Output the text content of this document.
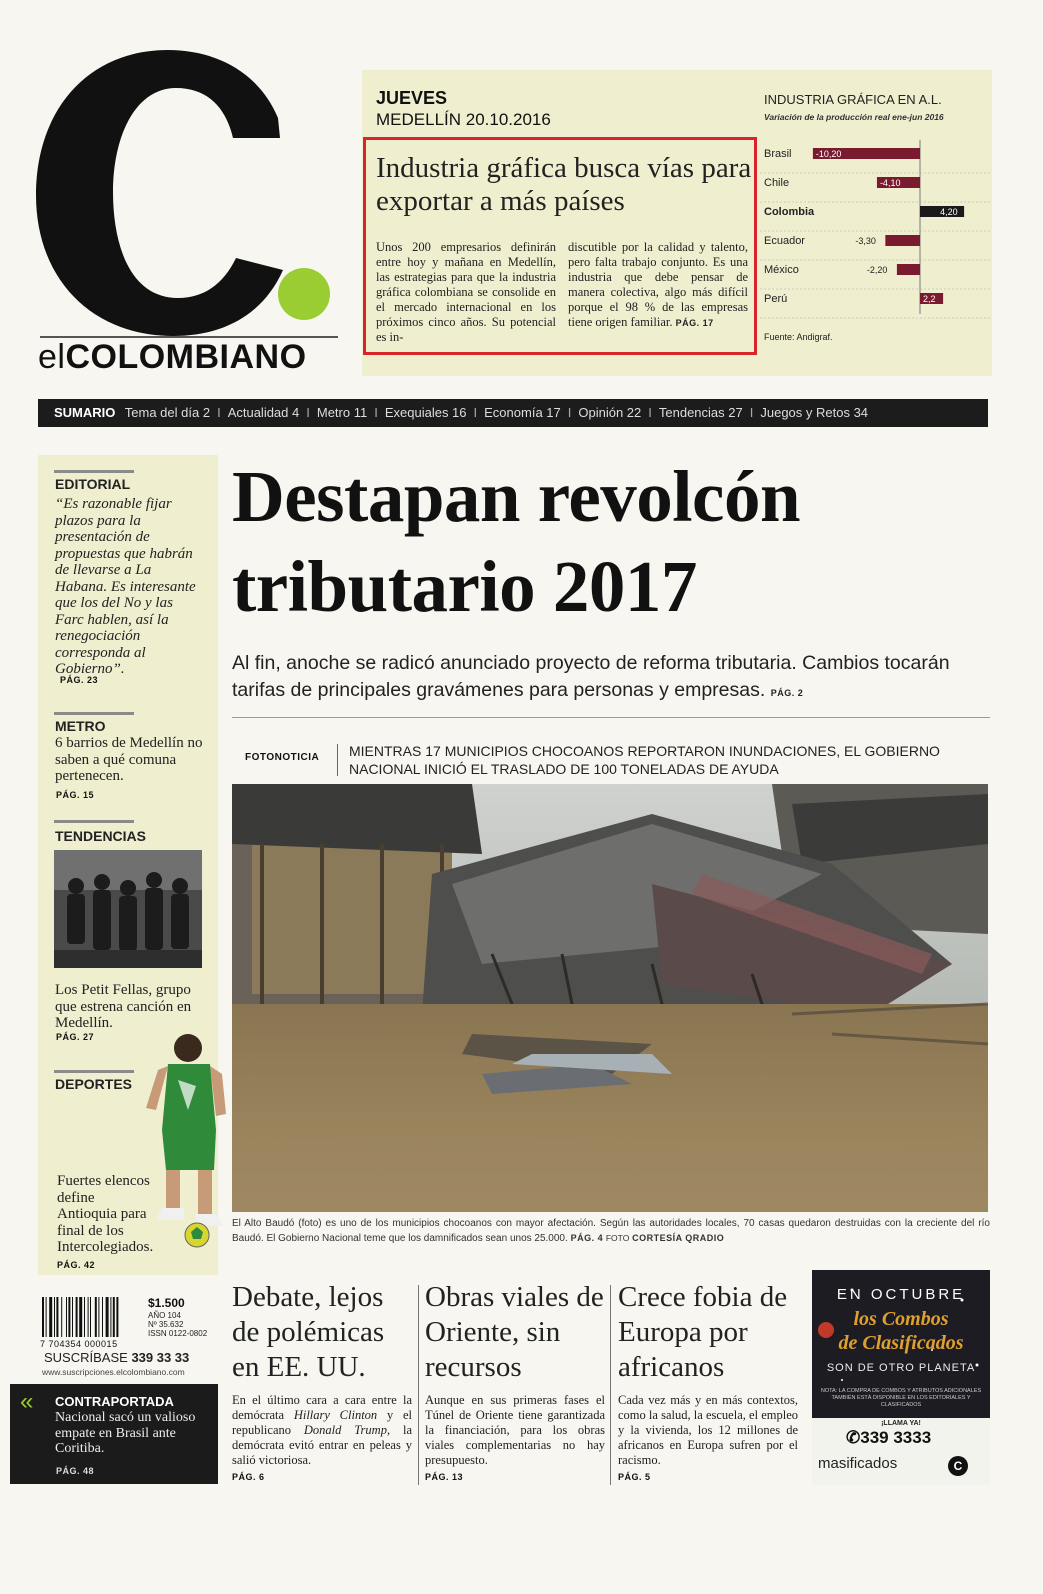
elCOLOMBIANO
JUEVES
MEDELLÍN 20.10.2016
Industria gráfica busca vías para exportar a más países
Unos 200 empresarios definirán entre hoy y mañana en Medellín, las estrategias para que la industria gráfica colombiana se consolide en el mercado internacional en los próximos cinco años. Su potencial es in-
discutible por la calidad y talento, pero falta trabajo conjunto. Es una industria que debe pensar de manera colectiva, algo más difícil porque el 98 % de las empresas tiene origen familiar. PÁG. 17
INDUSTRIA GRÁFICA EN A.L.
Variación de la producción real ene-jun 2016
Brasil	-10,20
Chile	-4,10
Colombia	4,20
Ecuador	-3,30
México	-2,20
Perú	2,2
Fuente: Andigraf.
SUMARIO Tema del día 2 I Actualidad 4 I Metro 11 I Exequiales 16 I Economía 17 I Opinión 22 I Tendencias 27 I Juegos y Retos 34
EDITORIAL
“Es razonable fijar plazos para la presentación de propuestas que habrán de llevarse a La Habana. Es interesante que los del No y las Farc hablen, así la renegociación corresponda al Gobierno”.
PÁG. 23
METRO
6 barrios de Medellín no saben a qué comuna pertenecen.
PÁG. 15
TENDENCIAS
Los Petit Fellas, grupo que estrena canción en Medellín.
PÁG. 27
DEPORTES
Fuertes elencos define Antioquia para final de los Intercolegiados.
PÁG. 42
Destapan revolcón
tributario 2017
Al fin, anoche se radicó anunciado proyecto de reforma tributaria. Cambios tocarán tarifas de principales gravámenes para personas y empresas. PÁG. 2
FOTONOTICIA MIENTRAS 17 MUNICIPIOS CHOCOANOS REPORTARON INUNDACIONES, EL GOBIERNO NACIONAL INICIÓ EL TRASLADO DE 100 TONELADAS DE AYUDA
El Alto Baudó (foto) es uno de los municipios chocoanos con mayor afectación. Según las autoridades locales, 70 casas quedaron destruidas con la creciente del río Baudó. El Gobierno Nacional teme que los damnificados sean unos 25.000. PÁG. 4 FOTO CORTESÍA QRADIO
Debate, lejos de polémicas en EE. UU.
En el último cara a cara entre la demócrata Hillary Clinton y el republicano Donald Trump, la demócrata evitó entrar en peleas y salió victoriosa.
PÁG. 6
Obras viales de Oriente, sin recursos
Aunque en sus primeras fases el Túnel de Oriente tiene garantizada la financiación, para los obras viales complementarias no hay presupuesto.
PÁG. 13
Crece fobia de Europa por africanos
Cada vez más y en más contextos, como la salud, la escuela, el empleo y la vivienda, los 12 millones de africanos en Europa sufren por el racismo.
PÁG. 5
EN OCTUBRE
los Combos
de Clasificados
SON DE OTRO PLANETA
NOTA: LA COMPRA DE COMBOS Y ATRIBUTOS ADICIONALES TAMBIÉN ESTÁ DISPONIBLE EN LOS EDITORIALES Y CLASIFICADOS
¡LLAMA YA!
✆339 3333
masificados	C
$1.500
AÑO 104
Nº 35.632
ISSN 0122-0802
7 704354 000015
SUSCRÍBASE 339 33 33
www.suscripciones.elcolombiano.com
« CONTRAPORTADA
Nacional sacó un valioso empate en Brasil ante Coritiba.
PÁG. 48
